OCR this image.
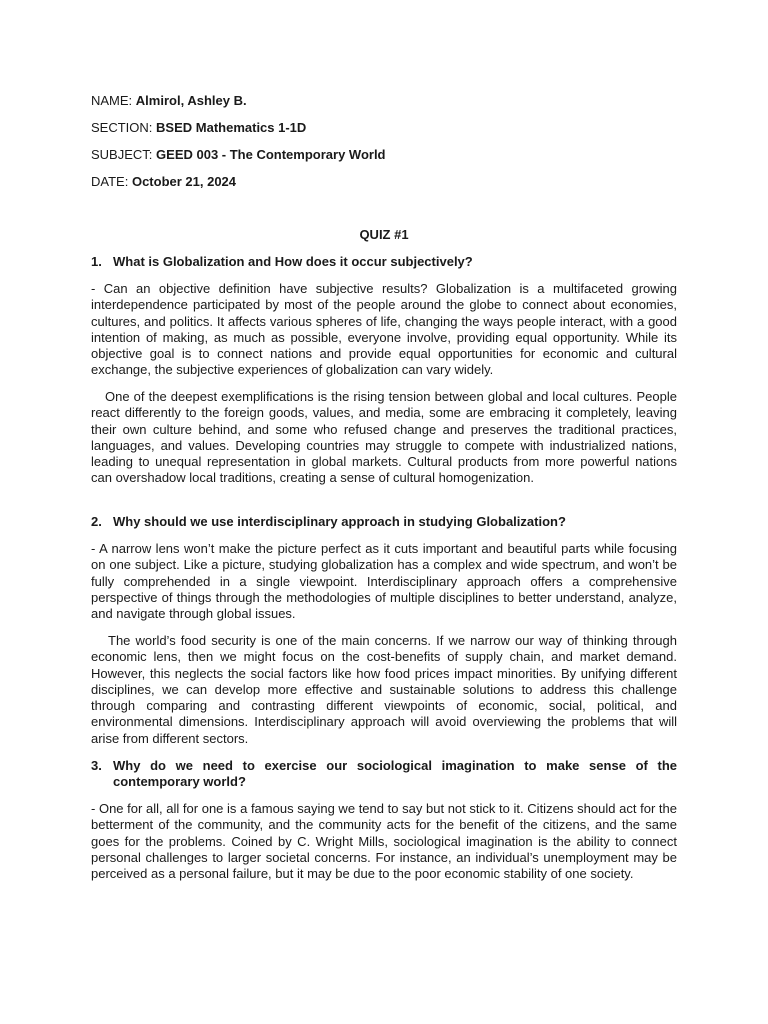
NAME: Almirol, Ashley B.
SECTION: BSED Mathematics 1-1D
SUBJECT: GEED 003 - The Contemporary World
DATE: October 21, 2024
QUIZ #1
1. What is Globalization and How does it occur subjectively?

- Can an objective definition have subjective results? Globalization is a multifaceted growing interdependence participated by most of the people around the globe to connect about economies, cultures, and politics. It affects various spheres of life, changing the ways people interact, with a good intention of making, as much as possible, everyone involve, providing equal opportunity. While its objective goal is to connect nations and provide equal opportunities for economic and cultural exchange, the subjective experiences of globalization can vary widely.

One of the deepest exemplifications is the rising tension between global and local cultures. People react differently to the foreign goods, values, and media, some are embracing it completely, leaving their own culture behind, and some who refused change and preserves the traditional practices, languages, and values. Developing countries may struggle to compete with industrialized nations, leading to unequal representation in global markets. Cultural products from more powerful nations can overshadow local traditions, creating a sense of cultural homogenization.

2. Why should we use interdisciplinary approach in studying Globalization?

- A narrow lens won’t make the picture perfect as it cuts important and beautiful parts while focusing on one subject. Like a picture, studying globalization has a complex and wide spectrum, and won’t be fully comprehended in a single viewpoint. Interdisciplinary approach offers a comprehensive perspective of things through the methodologies of multiple disciplines to better understand, analyze, and navigate through global issues.

The world’s food security is one of the main concerns. If we narrow our way of thinking through economic lens, then we might focus on the cost-benefits of supply chain, and market demand. However, this neglects the social factors like how food prices impact minorities. By unifying different disciplines, we can develop more effective and sustainable solutions to address this challenge through comparing and contrasting different viewpoints of economic, social, political, and environmental dimensions. Interdisciplinary approach will avoid overviewing the problems that will arise from different sectors.

3. Why do we need to exercise our sociological imagination to make sense of the contemporary world?

- One for all, all for one is a famous saying we tend to say but not stick to it. Citizens should act for the betterment of the community, and the community acts for the benefit of the citizens, and the same goes for the problems. Coined by C. Wright Mills, sociological imagination is the ability to connect personal challenges to larger societal concerns. For instance, an individual’s unemployment may be perceived as a personal failure, but it may be due to the poor economic stability of one society.
